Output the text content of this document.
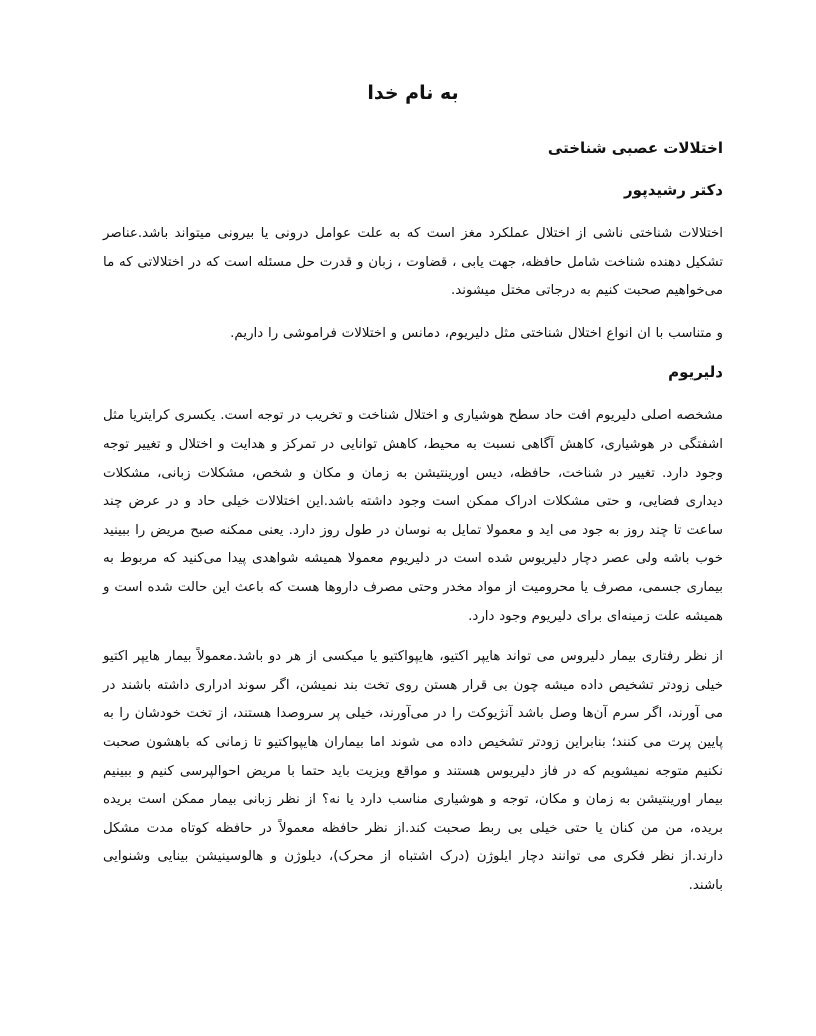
به نام خدا
اختلالات عصبی شناختی
دکتر رشیدپور

اختلالات شناختی ناشی از اختلال عملکرد مغز است که به علت عوامل درونی یا بیرونی میتواند باشد.عناصر تشکیل دهنده شناخت شامل حافظه، جهت یابی ، قضاوت ، زبان و قدرت حل مسئله است که در اختلالاتی که ما می‌خواهیم صحبت کنیم به درجاتی مختل میشوند.

و متناسب با ان انواع اختلال شناختی مثل دلیریوم، دمانس و اختلالات فراموشی را داریم.

دلیریوم

مشخصه اصلی دلیریوم افت حاد سطح هوشیاری و اختلال شناخت و تخریب در توجه است. یکسری کرایتریا مثل اشفتگی در هوشیاری، کاهش آگاهی نسبت به محیط، کاهش توانایی در تمرکز و هدایت و اختلال و تغییر توجه وجود دارد. تغییر در شناخت، حافظه، دیس اورینتیشن به زمان و مکان و شخص، مشکلات زبانی، مشکلات دیداری فضایی، و حتی مشکلات ادراک ممکن است وجود داشته باشد.این اختلالات خیلی حاد و در عرض چند ساعت تا چند روز به جود می اید و معمولا تمایل به نوسان در طول روز دارد. یعنی ممکنه صبح مریض را ببینید خوب باشه ولی عصر دچار دلیریوس شده است در دلیریوم معمولا همیشه شواهدی پیدا می‌کنید که مربوط به بیماری جسمی، مصرف یا محرومیت از مواد مخدر وحتی مصرف داروها هست که باعث این حالت شده است و همیشه علت زمینه‌ای برای دلیریوم وجود دارد.

از نظر رفتاری بیمار دلیروس می تواند هایپر اکتیو، هایپواکتیو یا میکسی از هر دو باشد.معمولاً بیمار هایپر اکتیو خیلی زودتر تشخیص داده میشه چون بی قرار هستن روی تخت بند نمیشن، اگر سوند ادراری داشته باشند در می آورند، اگر سرم آن‌ها وصل باشد آنژیوکت را در می‌آورند، خیلی پر سروصدا هستند، از تخت خودشان را به پایین پرت می کنند؛ بنابراین زودتر تشخیص داده می شوند اما بیماران هایپواکتیو تا زمانی که باهشون صحبت نکنیم متوجه نمیشویم که در فاز دلیریوس هستند و مواقع ویزیت باید حتما با مریض احوالپرسی کنیم و ببینیم بیمار اورینتیشن به زمان و مکان، توجه و هوشیاری مناسب دارد یا نه؟ از نظر زبانی بیمار ممکن است بریده بریده، من من کنان یا حتی خیلی بی ربط صحبت کند.از نظر حافظه معمولاً در حافظه کوتاه مدت مشکل دارند.از نظر فکری می توانند دچار ایلوژن (درک اشتباه از محرک)، دیلوژن و هالوسینیشن بینایی وشنوایی باشند.
